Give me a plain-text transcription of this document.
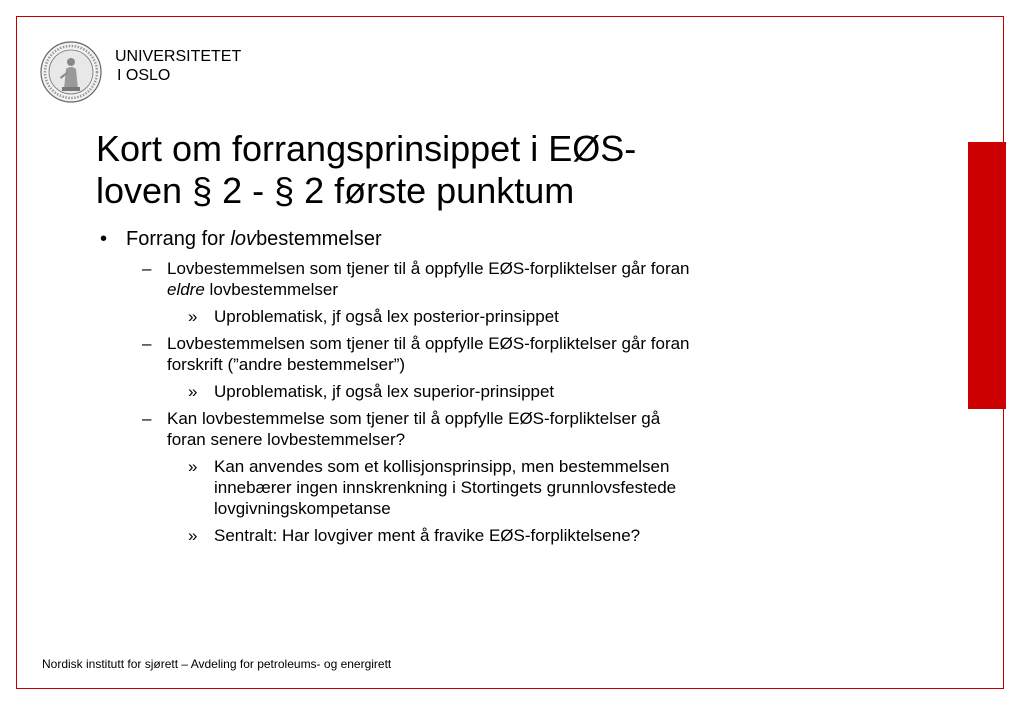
UNIVERSITETET
I OSLO
Kort om forrangsprinsippet i EØS-
loven § 2 - § 2 første punktum
• Forrang for lovbestemmelser
– Lovbestemmelsen som tjener til å oppfylle EØS-forpliktelser går foran
eldre lovbestemmelser
» Uproblematisk, jf også lex posterior-prinsippet
– Lovbestemmelsen som tjener til å oppfylle EØS-forpliktelser går foran
forskrift (”andre bestemmelser”)
» Uproblematisk, jf også lex superior-prinsippet
– Kan lovbestemmelse som tjener til å oppfylle EØS-forpliktelser gå
foran senere lovbestemmelser?
» Kan anvendes som et kollisjonsprinsipp, men bestemmelsen
innebærer ingen innskrenkning i Stortingets grunnlovsfestede
lovgivningskompetanse
» Sentralt: Har lovgiver ment å fravike EØS-forpliktelsene?
Nordisk institutt for sjørett – Avdeling for petroleums- og energirett
